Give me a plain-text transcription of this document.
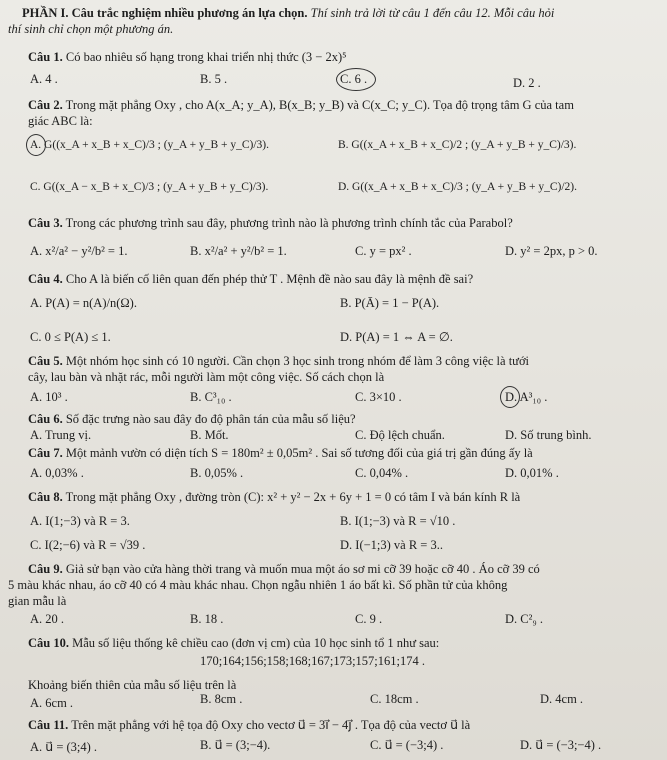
PHẦN I. Câu trắc nghiệm nhiều phương án lựa chọn. Thí sinh trả lời từ câu 1 đến câu 12. Mỗi câu hỏi
thí sinh chỉ chọn một phương án.
Câu 1. Có bao nhiêu số hạng trong khai triển nhị thức (3 − 2x)⁵
A. 4 .	B. 5 .	C. 6 .	D. 2 .
Câu 2. Trong mặt phẳng Oxy , cho A(x_A; y_A), B(x_B; y_B) và C(x_C; y_C). Tọa độ trọng tâm G của tam
giác ABC là:
A. G((x_A + x_B + x_C)/3 ; (y_A + y_B + y_C)/3).	B. G((x_A + x_B + x_C)/2 ; (y_A + y_B + y_C)/3).
C. G((x_A − x_B + x_C)/3 ; (y_A + y_B + y_C)/3).	D. G((x_A + x_B + x_C)/3 ; (y_A + y_B + y_C)/2).
Câu 3. Trong các phương trình sau đây, phương trình nào là phương trình chính tắc của Parabol?
A. x²/a² − y²/b² = 1.	B. x²/a² + y²/b² = 1.	C. y = px² .	D. y² = 2px, p > 0.
Câu 4. Cho A là biến cố liên quan đến phép thử T . Mệnh đề nào sau đây là mệnh đề sai?
A. P(A) = n(A)/n(Ω).	B. P(Ā) = 1 − P(A).
C. 0 ≤ P(A) ≤ 1.	D. P(A) = 1 ⇔ A = ∅.
Câu 5. Một nhóm học sinh có 10 người. Cần chọn 3 học sinh trong nhóm để làm 3 công việc là tưới
cây, lau bàn và nhặt rác, mỗi người làm một công việc. Số cách chọn là
A. 10³ .	B. C³₁₀ .	C. 3×10 .	D. A³₁₀ .
Câu 6. Số đặc trưng nào sau đây đo độ phân tán của mẫu số liệu?
A. Trung vị.	B. Mốt.	C. Độ lệch chuẩn.	D. Số trung bình.
Câu 7. Một mảnh vườn có diện tích S = 180m² ± 0,05m² . Sai số tương đối của giá trị gần đúng ấy là
A. 0,03% .	B. 0,05% .	C. 0,04% .	D. 0,01% .
Câu 8. Trong mặt phẳng Oxy , đường tròn (C): x² + y² − 2x + 6y + 1 = 0 có tâm I và bán kính R là
A. I(1;−3) và R = 3.	B. I(1;−3) và R = √10 .
C. I(2;−6) và R = √39 .	D. I(−1;3) và R = 3..
Câu 9. Giả sử bạn vào cửa hàng thời trang và muốn mua một áo sơ mi cỡ 39 hoặc cỡ 40 . Áo cỡ 39 có
5 màu khác nhau, áo cỡ 40 có 4 màu khác nhau. Chọn ngẫu nhiên 1 áo bất kì. Số phần tử của không
gian mẫu là
A. 20 .	B. 18 .	C. 9 .	D. C²₉ .
Câu 10. Mẫu số liệu thống kê chiều cao (đơn vị cm) của 10 học sinh tổ 1 như sau:
170;164;156;158;168;167;173;157;161;174 .
Khoảng biến thiên của mẫu số liệu trên là
A. 6cm .	B. 8cm .	C. 18cm .	D. 4cm .
Câu 11. Trên mặt phẳng với hệ tọa độ Oxy cho vectơ u⃗ = 3i⃗ − 4j⃗ . Tọa độ của vectơ u⃗ là
A. u⃗ = (3;4) .	B. u⃗ = (3;−4).	C. u⃗ = (−3;4) .	D. u⃗ = (−3;−4) .
